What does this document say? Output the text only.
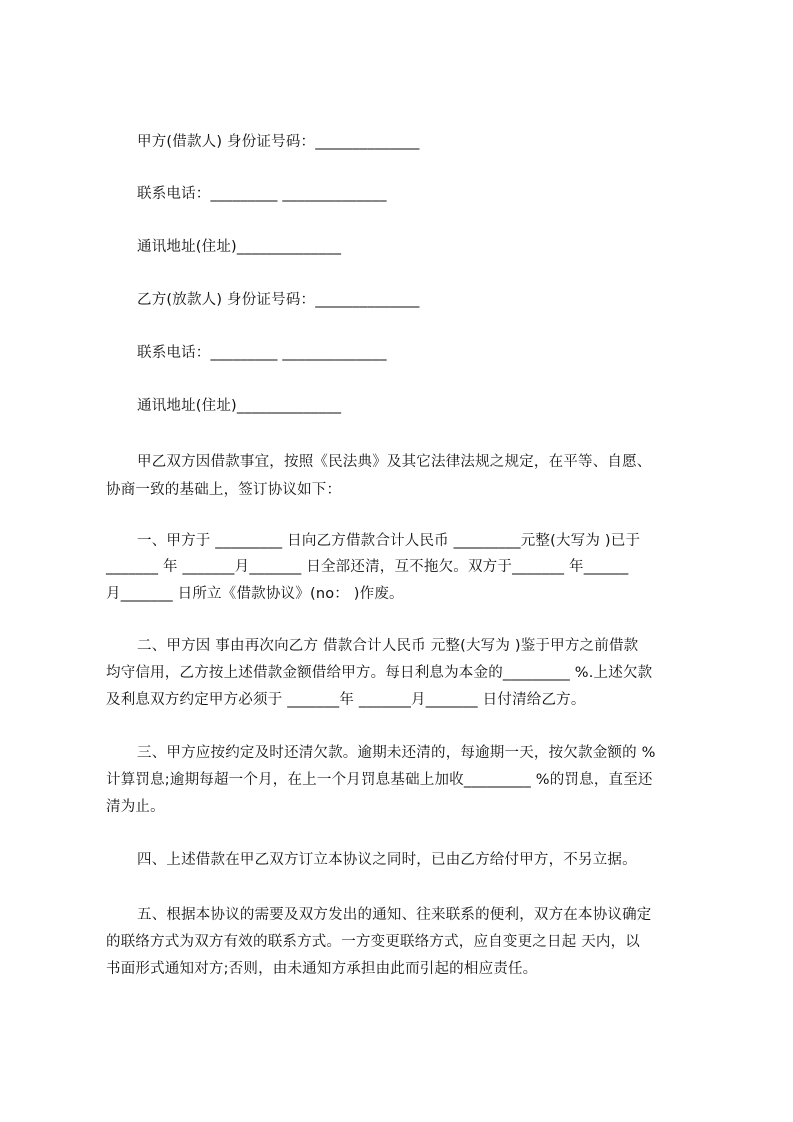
甲方(借款人) 身份证号码：______________
联系电话：_________ ______________
通讯地址(住址)______________
乙方(放款人) 身份证号码：______________
联系电话：_________ ______________
通讯地址(住址)______________
甲乙双方因借款事宜，按照《民法典》及其它法律法规之规定，在平等、自愿、
协商一致的基础上，签订协议如下：
一、甲方于 _________ 日向乙方借款合计人民币 _________元整(大写为 )已于
_______ 年 _______月_______ 日全部还清，互不拖欠。双方于_______ 年______
月_______ 日所立《借款协议》(no： )作废。
二、甲方因 事由再次向乙方 借款合计人民币 元整(大写为 )鉴于甲方之前借款
均守信用，乙方按上述借款金额借给甲方。每日利息为本金的_________ %.上述欠款
及利息双方约定甲方必须于 _______年 _______月_______ 日付清给乙方。
三、甲方应按约定及时还清欠款。逾期未还清的，每逾期一天，按欠款金额的 %
计算罚息;逾期每超一个月，在上一个月罚息基础上加收_________ %的罚息，直至还
清为止。
四、上述借款在甲乙双方订立本协议之同时，已由乙方给付甲方，不另立据。
五、根据本协议的需要及双方发出的通知、往来联系的便利，双方在本协议确定
的联络方式为双方有效的联系方式。一方变更联络方式，应自变更之日起 天内，以
书面形式通知对方;否则，由未通知方承担由此而引起的相应责任。
